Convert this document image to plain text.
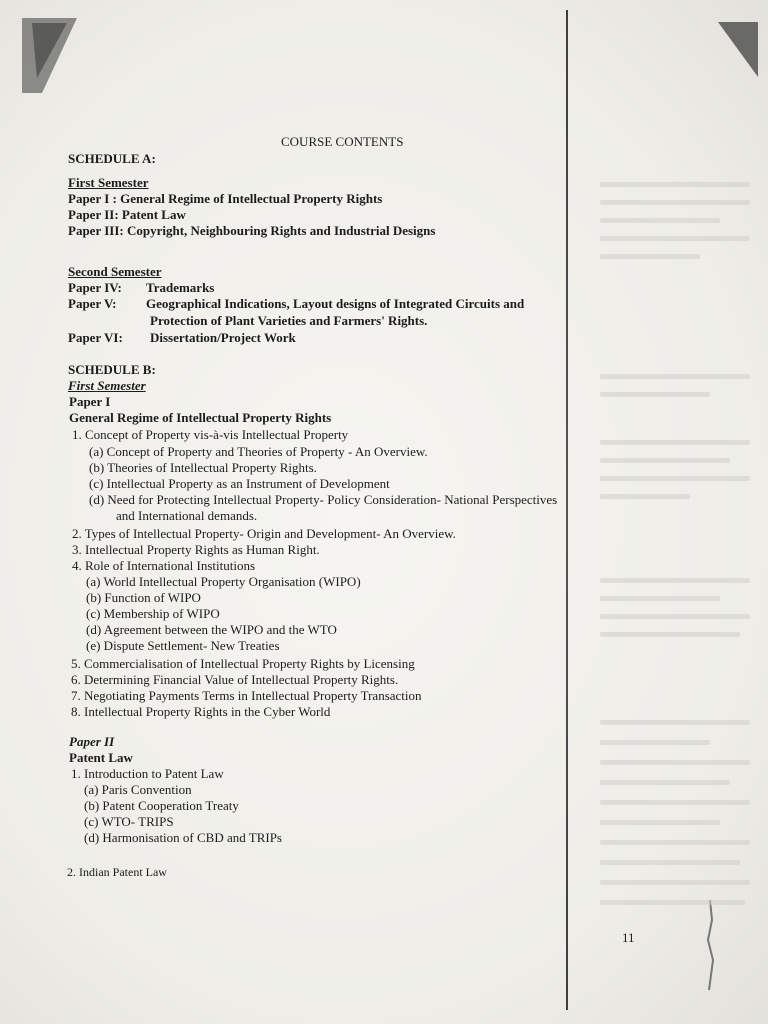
COURSE CONTENTS
SCHEDULE A:
First Semester
Paper I : General Regime of Intellectual Property Rights
Paper II: Patent Law
Paper III: Copyright, Neighbouring Rights and Industrial Designs
Second Semester
Paper IV: Trademarks
Paper V: Geographical Indications, Layout designs of Integrated Circuits and
Protection of Plant Varieties and Farmers' Rights.
Paper VI: Dissertation/Project Work
SCHEDULE B:
First Semester
Paper I
General Regime of Intellectual Property Rights
1. Concept of Property vis-à-vis Intellectual Property
(a) Concept of Property and Theories of Property - An Overview.
(b) Theories of Intellectual Property Rights.
(c) Intellectual Property as an Instrument of Development
(d) Need for Protecting Intellectual Property- Policy Consideration- National Perspectives
and International demands.
2. Types of Intellectual Property- Origin and Development- An Overview.
3. Intellectual Property Rights as Human Right.
4. Role of International Institutions
(a) World Intellectual Property Organisation (WIPO)
(b) Function of WIPO
(c) Membership of WIPO
(d) Agreement between the WIPO and the WTO
(e) Dispute Settlement- New Treaties
5. Commercialisation of Intellectual Property Rights by Licensing
6. Determining Financial Value of Intellectual Property Rights.
7. Negotiating Payments Terms in Intellectual Property Transaction
8. Intellectual Property Rights in the Cyber World
Paper II
Patent Law
1. Introduction to Patent Law
(a) Paris Convention
(b) Patent Cooperation Treaty
(c) WTO- TRIPS
(d) Harmonisation of CBD and TRIPs
2. Indian Patent Law
11
